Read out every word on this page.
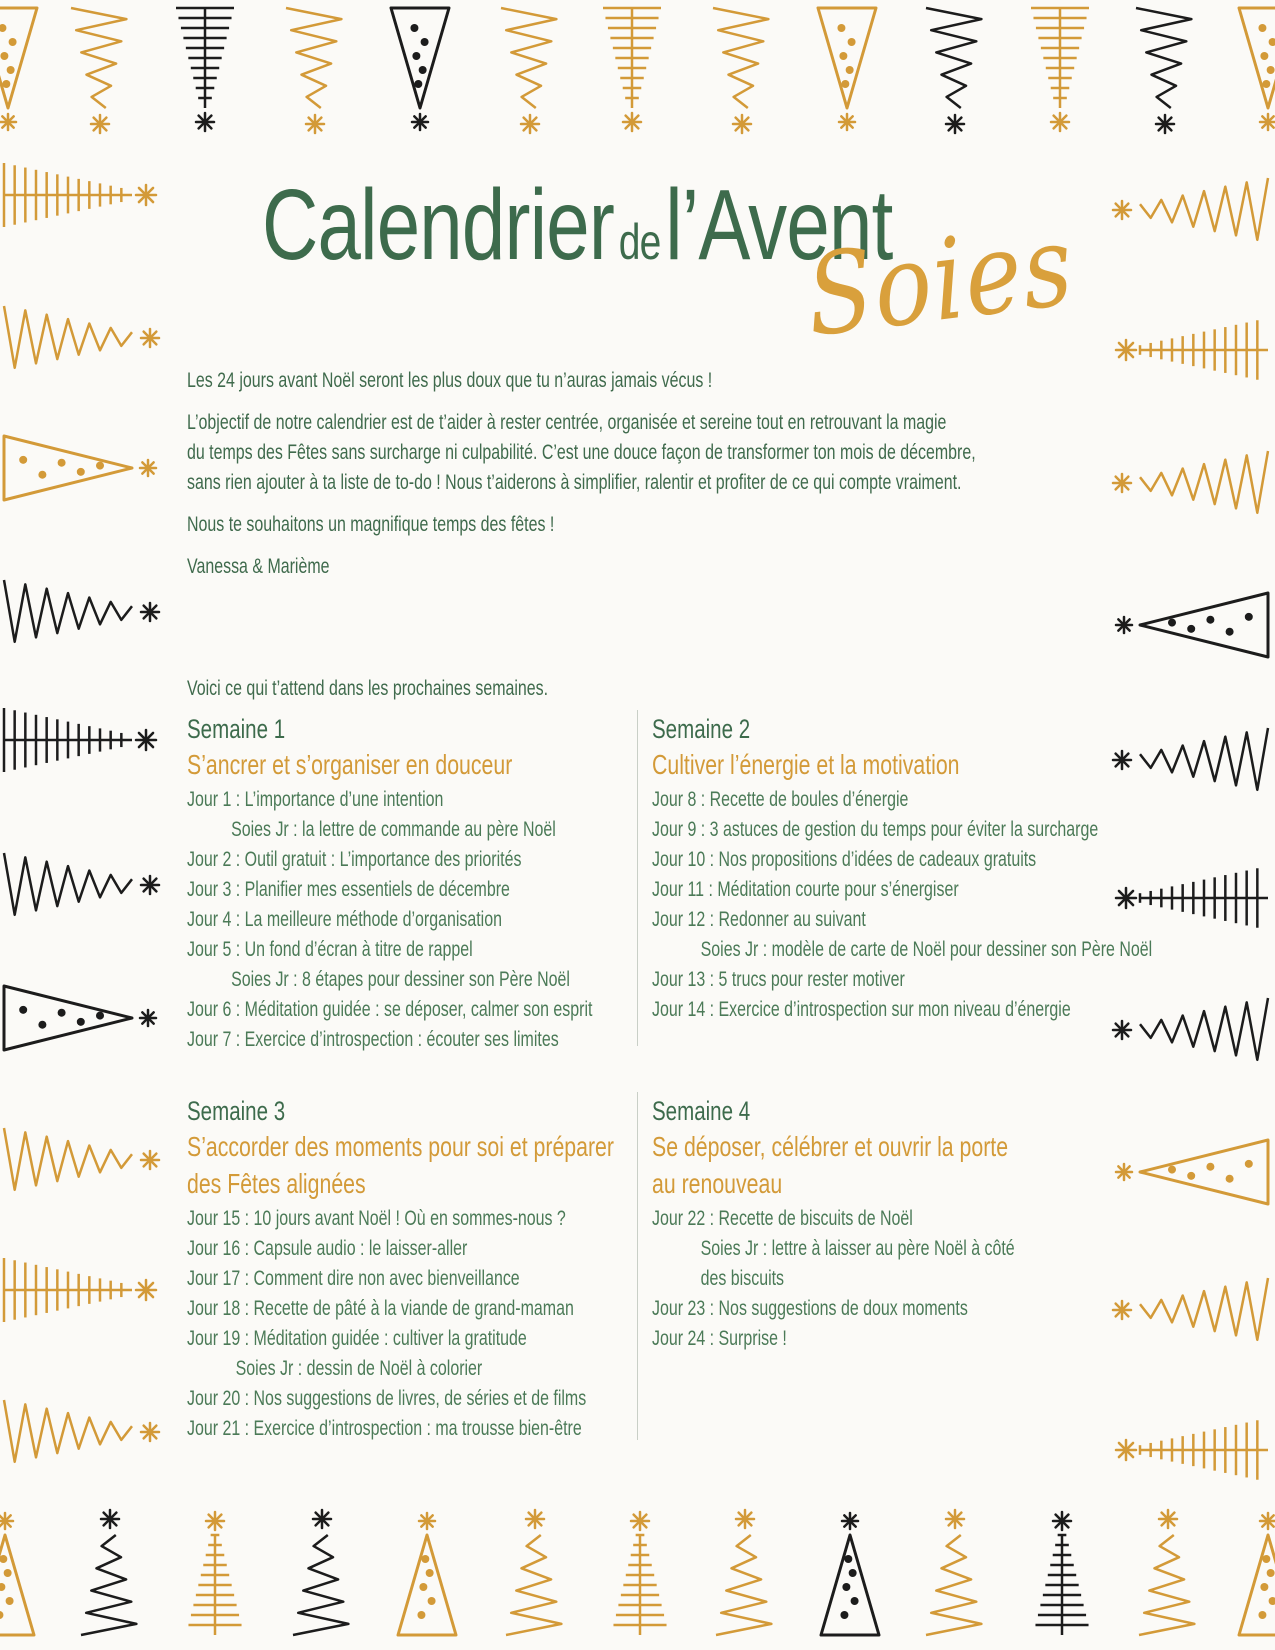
Calendrierdel’Avent
Soies
Les 24 jours avant Noël seront les plus doux que tu n’auras jamais vécus !
L’objectif de notre calendrier est de t’aider à rester centrée, organisée et sereine tout en retrouvant la magie
du temps des Fêtes sans surcharge ni culpabilité. C’est une douce façon de transformer ton mois de décembre,
sans rien ajouter à ta liste de to-do ! Nous t’aiderons à simplifier, ralentir et profiter de ce qui compte vraiment.
Nous te souhaitons un magnifique temps des fêtes !
Vanessa & Marième
Voici ce qui t’attend dans les prochaines semaines.
Semaine 1
S’ancrer et s’organiser en douceur
Jour 1 : L’importance d’une intention
Soies Jr : la lettre de commande au père Noël
Jour 2 : Outil gratuit : L’importance des priorités
Jour 3 : Planifier mes essentiels de décembre
Jour 4 : La meilleure méthode d’organisation
Jour 5 : Un fond d’écran à titre de rappel
Soies Jr : 8 étapes pour dessiner son Père Noël
Jour 6 : Méditation guidée : se déposer, calmer son esprit
Jour 7 : Exercice d’introspection : écouter ses limites
Semaine 2
Cultiver l’énergie et la motivation
Jour 8 : Recette de boules d’énergie
Jour 9 : 3 astuces de gestion du temps pour éviter la surcharge
Jour 10 : Nos propositions d’idées de cadeaux gratuits
Jour 11 : Méditation courte pour s’énergiser
Jour 12 : Redonner au suivant
Soies Jr : modèle de carte de Noël pour dessiner son Père Noël
Jour 13 : 5 trucs pour rester motiver
Jour 14 : Exercice d’introspection sur mon niveau d’énergie
Semaine 3
S’accorder des moments pour soi et préparer
des Fêtes alignées
Jour 15 : 10 jours avant Noël ! Où en sommes-nous ?
Jour 16 : Capsule audio : le laisser-aller
Jour 17 : Comment dire non avec bienveillance
Jour 18 : Recette de pâté à la viande de grand-maman
Jour 19 : Méditation guidée : cultiver la gratitude
Soies Jr : dessin de Noël à colorier
Jour 20 : Nos suggestions de livres, de séries et de films
Jour 21 : Exercice d’introspection : ma trousse bien-être
Semaine 4
Se déposer, célébrer et ouvrir la porte
au renouveau
Jour 22 : Recette de biscuits de Noël
Soies Jr : lettre à laisser au père Noël à côté
des biscuits
Jour 23 : Nos suggestions de doux moments
Jour 24 : Surprise !
